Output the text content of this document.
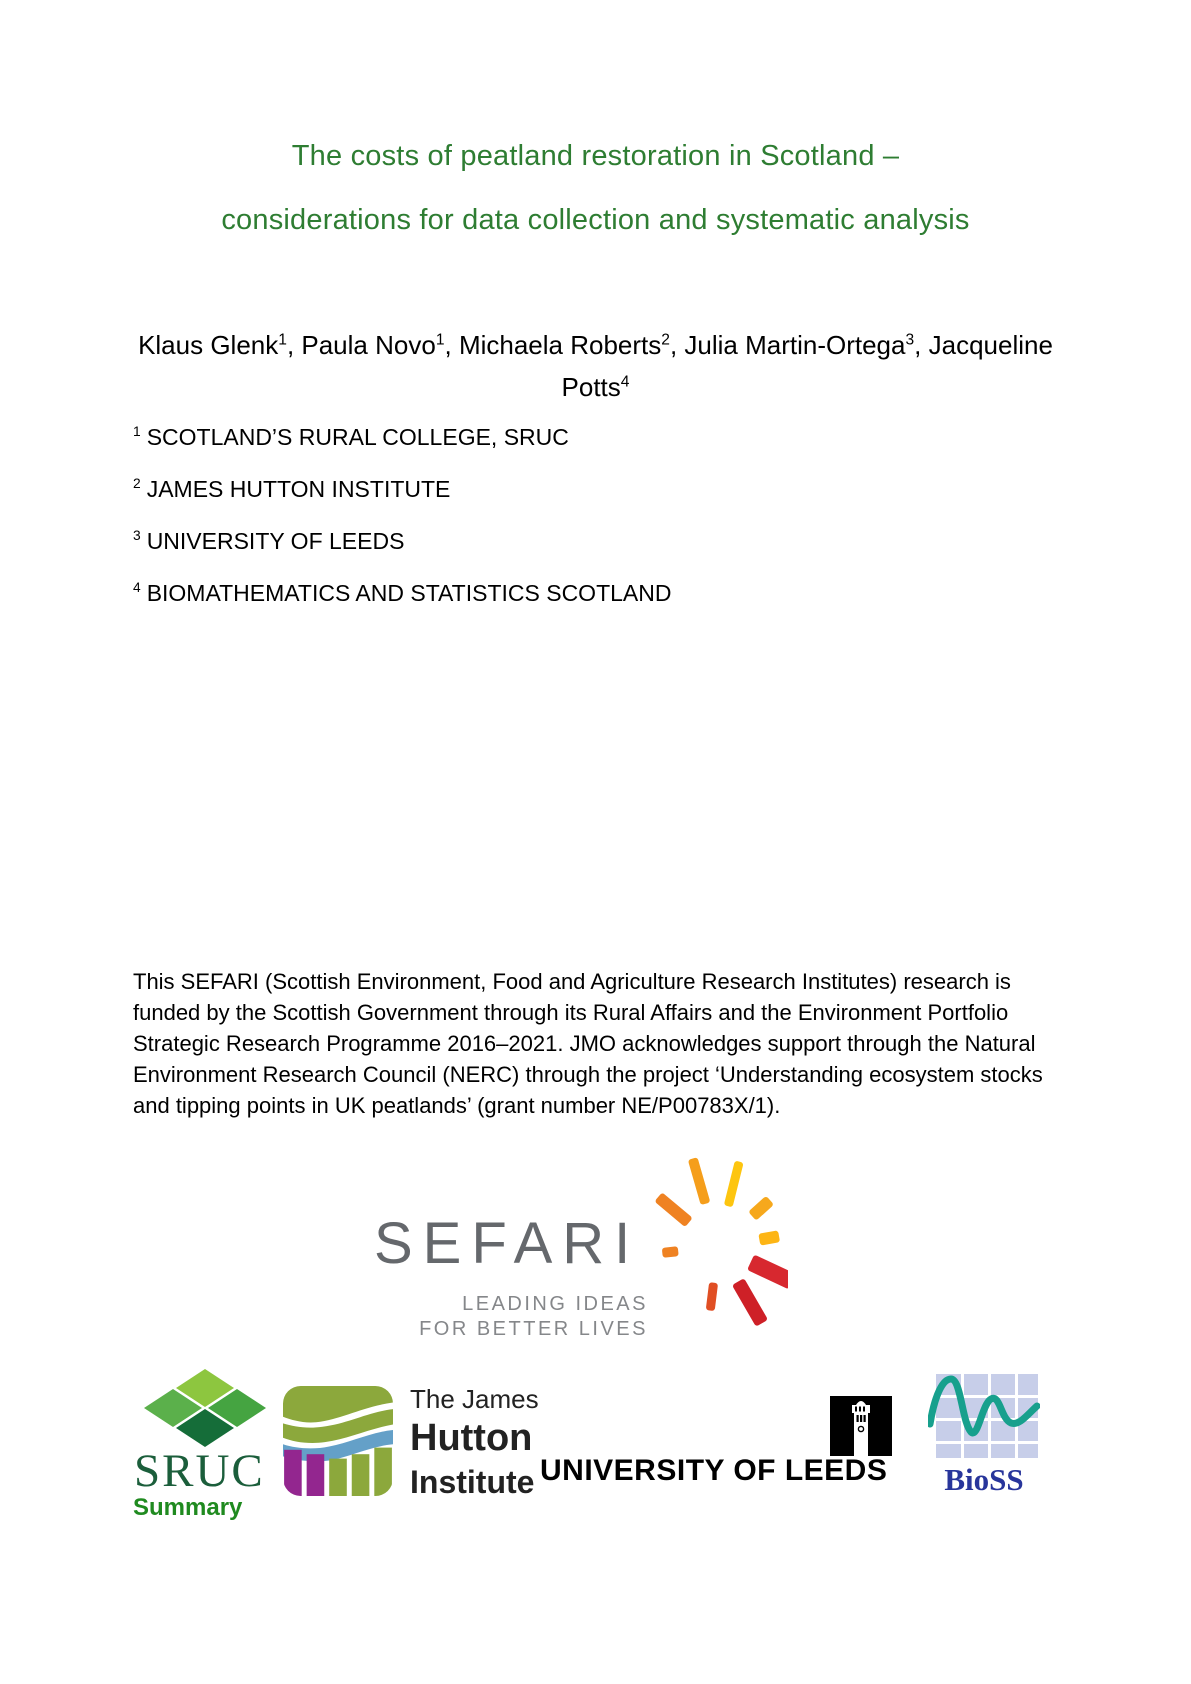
The costs of peatland restoration in Scotland –
considerations for data collection and systematic analysis
Klaus Glenk$^1$, Paula Novo$^1$, Michaela Roberts$^2$, Julia Martin-Ortega$^3$, Jacqueline
Potts$^4$
$^1$ SCOTLAND’S RURAL COLLEGE, SRUC
$^2$ JAMES HUTTON INSTITUTE
$^3$ UNIVERSITY OF LEEDS
$^4$ BIOMATHEMATICS AND STATISTICS SCOTLAND
This SEFARI (Scottish Environment, Food and Agriculture Research Institutes) research is funded by the Scottish Government through its Rural Affairs and the Environment Portfolio Strategic Research Programme 2016–2021. JMO acknowledges support through the Natural Environment Research Council (NERC) through the project ‘Understanding ecosystem stocks and tipping points in UK peatlands’ (grant number NE/P00783X/1).
SEFARI
LEADING IDEAS
FOR BETTER LIVES
SRUC
The James
Hutton
Institute UNIVERSITY OF LEEDS	BioSS
Summary
